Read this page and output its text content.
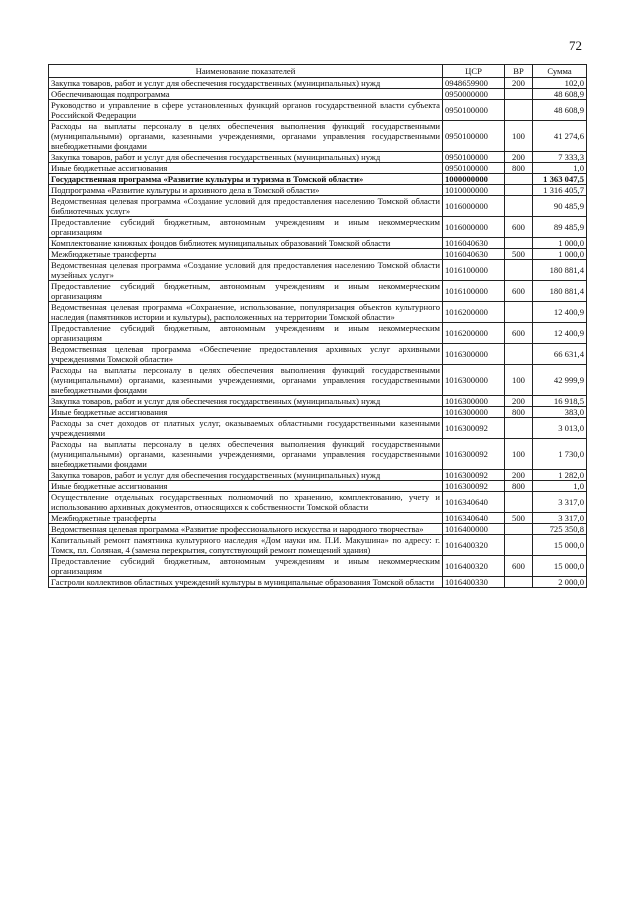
72
Наименование показателей	ЦСР	ВР	Сумма
Закупка товаров, работ и услуг для обеспечения государственных (муниципальных) нужд	0948659900	200	102,0
Обеспечивающая подпрограмма	0950000000		48 608,9
Руководство и управление в сфере установленных функций органов государственной власти субъекта Российской Федерации	0950100000		48 608,9
Расходы на выплаты персоналу в целях обеспечения выполнения функций государственными (муниципальными) органами, казенными учреждениями, органами управления государственными внебюджетными фондами	0950100000	100	41 274,6
Закупка товаров, работ и услуг для обеспечения государственных (муниципальных) нужд	0950100000	200	7 333,3
Иные бюджетные ассигнования	0950100000	800	1,0
Государственная программа «Развитие культуры и туризма в Томской области»	1000000000		1 363 047,5
Подпрограмма «Развитие культуры и архивного дела в Томской области»	1010000000		1 316 405,7
Ведомственная целевая программа «Создание условий для предоставления населению Томской области библиотечных услуг»	1016000000		90 485,9
Предоставление субсидий бюджетным, автономным учреждениям и иным некоммерческим организациям	1016000000	600	89 485,9
Комплектование книжных фондов библиотек муниципальных образований Томской области	1016040630		1 000,0
Межбюджетные трансферты	1016040630	500	1 000,0
Ведомственная целевая программа «Создание условий для предоставления населению Томской области музейных услуг»	1016100000		180 881,4
Предоставление субсидий бюджетным, автономным учреждениям и иным некоммерческим организациям	1016100000	600	180 881,4
Ведомственная целевая программа «Сохранение, использование, популяризация объектов культурного наследия (памятников истории и культуры), расположенных на территории Томской области»	1016200000		12 400,9
Предоставление субсидий бюджетным, автономным учреждениям и иным некоммерческим организациям	1016200000	600	12 400,9
Ведомственная целевая программа «Обеспечение предоставления архивных услуг архивными учреждениями Томской области»	1016300000		66 631,4
Расходы на выплаты персоналу в целях обеспечения выполнения функций государственными (муниципальными) органами, казенными учреждениями, органами управления государственными внебюджетными фондами	1016300000	100	42 999,9
Закупка товаров, работ и услуг для обеспечения государственных (муниципальных) нужд	1016300000	200	16 918,5
Иные бюджетные ассигнования	1016300000	800	383,0
Расходы за счет доходов от платных услуг, оказываемых областными государственными казенными учреждениями	1016300092		3 013,0
Расходы на выплаты персоналу в целях обеспечения выполнения функций государственными (муниципальными) органами, казенными учреждениями, органами управления государственными внебюджетными фондами	1016300092	100	1 730,0
Закупка товаров, работ и услуг для обеспечения государственных (муниципальных) нужд	1016300092	200	1 282,0
Иные бюджетные ассигнования	1016300092	800	1,0
Осуществление отдельных государственных полномочий по хранению, комплектованию, учету и использованию архивных документов, относящихся к собственности Томской области	1016340640		3 317,0
Межбюджетные трансферты	1016340640	500	3 317,0
Ведомственная целевая программа «Развитие профессионального искусства и народного творчества»	1016400000		725 350,8
Капитальный ремонт памятника культурного наследия «Дом науки им. П.И. Макушина» по адресу: г. Томск, пл. Соляная, 4 (замена перекрытия, сопутствующий ремонт помещений здания)	1016400320		15 000,0
Предоставление субсидий бюджетным, автономным учреждениям и иным некоммерческим организациям	1016400320	600	15 000,0
Гастроли коллективов областных учреждений культуры в муниципальные образования Томской области	1016400330		2 000,0
